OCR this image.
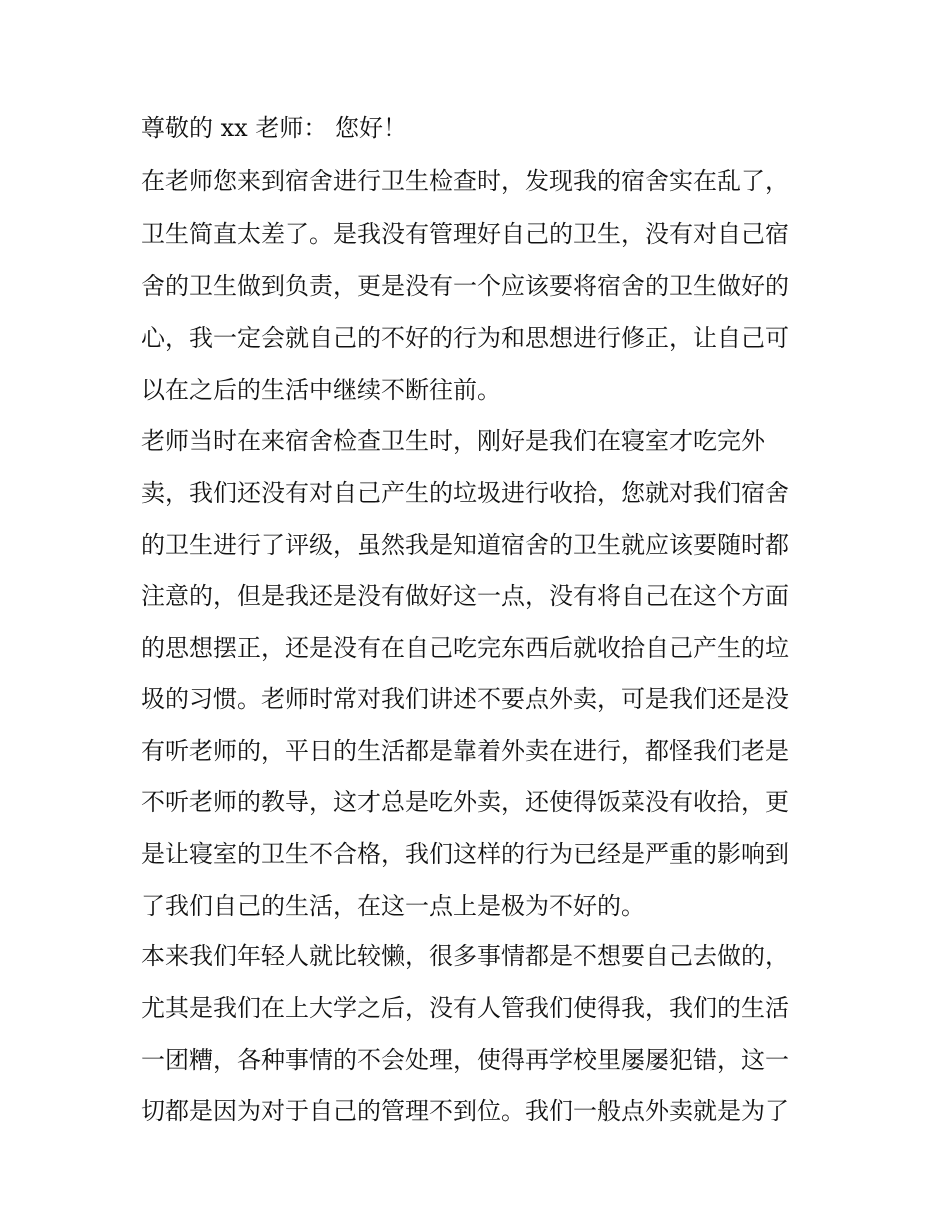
尊敬的 xx 老师： 您好！
在老师您来到宿舍进行卫生检查时，发现我的宿舍实在乱了，
卫生简直太差了。是我没有管理好自己的卫生，没有对自己宿
舍的卫生做到负责，更是没有一个应该要将宿舍的卫生做好的
心，我一定会就自己的不好的行为和思想进行修正，让自己可
以在之后的生活中继续不断往前。
老师当时在来宿舍检查卫生时，刚好是我们在寝室才吃完外
卖，我们还没有对自己产生的垃圾进行收拾，您就对我们宿舍
的卫生进行了评级，虽然我是知道宿舍的卫生就应该要随时都
注意的，但是我还是没有做好这一点，没有将自己在这个方面
的思想摆正，还是没有在自己吃完东西后就收拾自己产生的垃
圾的习惯。老师时常对我们讲述不要点外卖，可是我们还是没
有听老师的，平日的生活都是靠着外卖在进行，都怪我们老是
不听老师的教导，这才总是吃外卖，还使得饭菜没有收拾，更
是让寝室的卫生不合格，我们这样的行为已经是严重的影响到
了我们自己的生活，在这一点上是极为不好的。
本来我们年轻人就比较懒，很多事情都是不想要自己去做的，
尤其是我们在上大学之后，没有人管我们使得我，我们的生活
一团糟，各种事情的不会处理，使得再学校里屡屡犯错，这一
切都是因为对于自己的管理不到位。我们一般点外卖就是为了
